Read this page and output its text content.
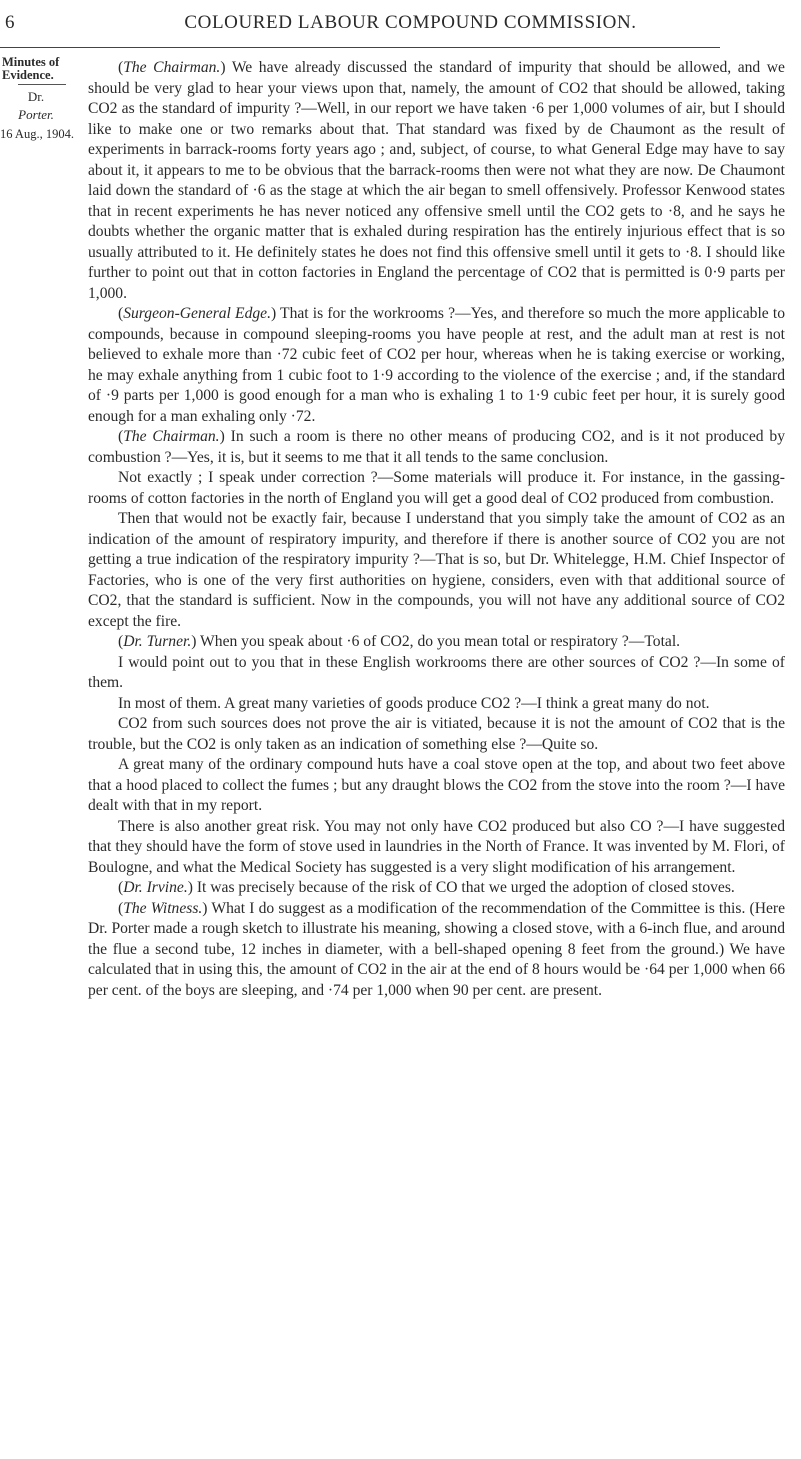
6	COLOURED LABOUR COMPOUND COMMISSION.
Minutes of Evidence.
Dr.
Porter.
16 Aug., 1904.

(The Chairman.) We have already discussed the standard of impurity that should be allowed, and we should be very glad to hear your views upon that, namely, the amount of CO2 that should be allowed, taking CO2 as the standard of impurity ?—Well, in our report we have taken ·6 per 1,000 volumes of air, but I should like to make one or two remarks about that. That standard was fixed by de Chaumont as the result of experiments in barrack-rooms forty years ago ; and, subject, of course, to what General Edge may have to say about it, it appears to me to be obvious that the barrack-rooms then were not what they are now. De Chaumont laid down the standard of ·6 as the stage at which the air began to smell offensively. Professor Kenwood states that in recent experiments he has never noticed any offensive smell until the CO2 gets to ·8, and he says he doubts whether the organic matter that is exhaled during respiration has the entirely injurious effect that is so usually attributed to it. He definitely states he does not find this offensive smell until it gets to ·8. I should like further to point out that in cotton factories in England the percentage of CO2 that is permitted is 0·9 parts per 1,000.

(Surgeon-General Edge.) That is for the workrooms ?—Yes, and therefore so much the more applicable to compounds, because in compound sleeping-rooms you have people at rest, and the adult man at rest is not believed to exhale more than ·72 cubic feet of CO2 per hour, whereas when he is taking exercise or working, he may exhale anything from 1 cubic foot to 1·9 according to the violence of the exercise ; and, if the standard of ·9 parts per 1,000 is good enough for a man who is exhaling 1 to 1·9 cubic feet per hour, it is surely good enough for a man exhaling only ·72.

(The Chairman.) In such a room is there no other means of producing CO2, and is it not produced by combustion ?—Yes, it is, but it seems to me that it all tends to the same conclusion.

Not exactly ; I speak under correction ?—Some materials will produce it. For instance, in the gassing-rooms of cotton factories in the north of England you will get a good deal of CO2 produced from combustion.

Then that would not be exactly fair, because I understand that you simply take the amount of CO2 as an indication of the amount of respiratory impurity, and therefore if there is another source of CO2 you are not getting a true indication of the respiratory impurity ?—That is so, but Dr. Whitelegge, H.M. Chief Inspector of Factories, who is one of the very first authorities on hygiene, considers, even with that additional source of CO2, that the standard is sufficient. Now in the compounds, you will not have any additional source of CO2 except the fire.

(Dr. Turner.) When you speak about ·6 of CO2, do you mean total or respiratory ?—Total.

I would point out to you that in these English workrooms there are other sources of CO2 ?—In some of them.

In most of them. A great many varieties of goods produce CO2 ?—I think a great many do not.

CO2 from such sources does not prove the air is vitiated, because it is not the amount of CO2 that is the trouble, but the CO2 is only taken as an indication of something else ?—Quite so.

A great many of the ordinary compound huts have a coal stove open at the top, and about two feet above that a hood placed to collect the fumes ; but any draught blows the CO2 from the stove into the room ?—I have dealt with that in my report.

There is also another great risk. You may not only have CO2 produced but also CO ?—I have suggested that they should have the form of stove used in laundries in the North of France. It was invented by M. Flori, of Boulogne, and what the Medical Society has suggested is a very slight modification of his arrangement.

(Dr. Irvine.) It was precisely because of the risk of CO that we urged the adoption of closed stoves.

(The Witness.) What I do suggest as a modification of the recommendation of the Committee is this. (Here Dr. Porter made a rough sketch to illustrate his meaning, showing a closed stove, with a 6-inch flue, and around the flue a second tube, 12 inches in diameter, with a bell-shaped opening 8 feet from the ground.) We have calculated that in using this, the amount of CO2 in the air at the end of 8 hours would be ·64 per 1,000 when 66 per cent. of the boys are sleeping, and ·74 per 1,000 when 90 per cent. are present.
